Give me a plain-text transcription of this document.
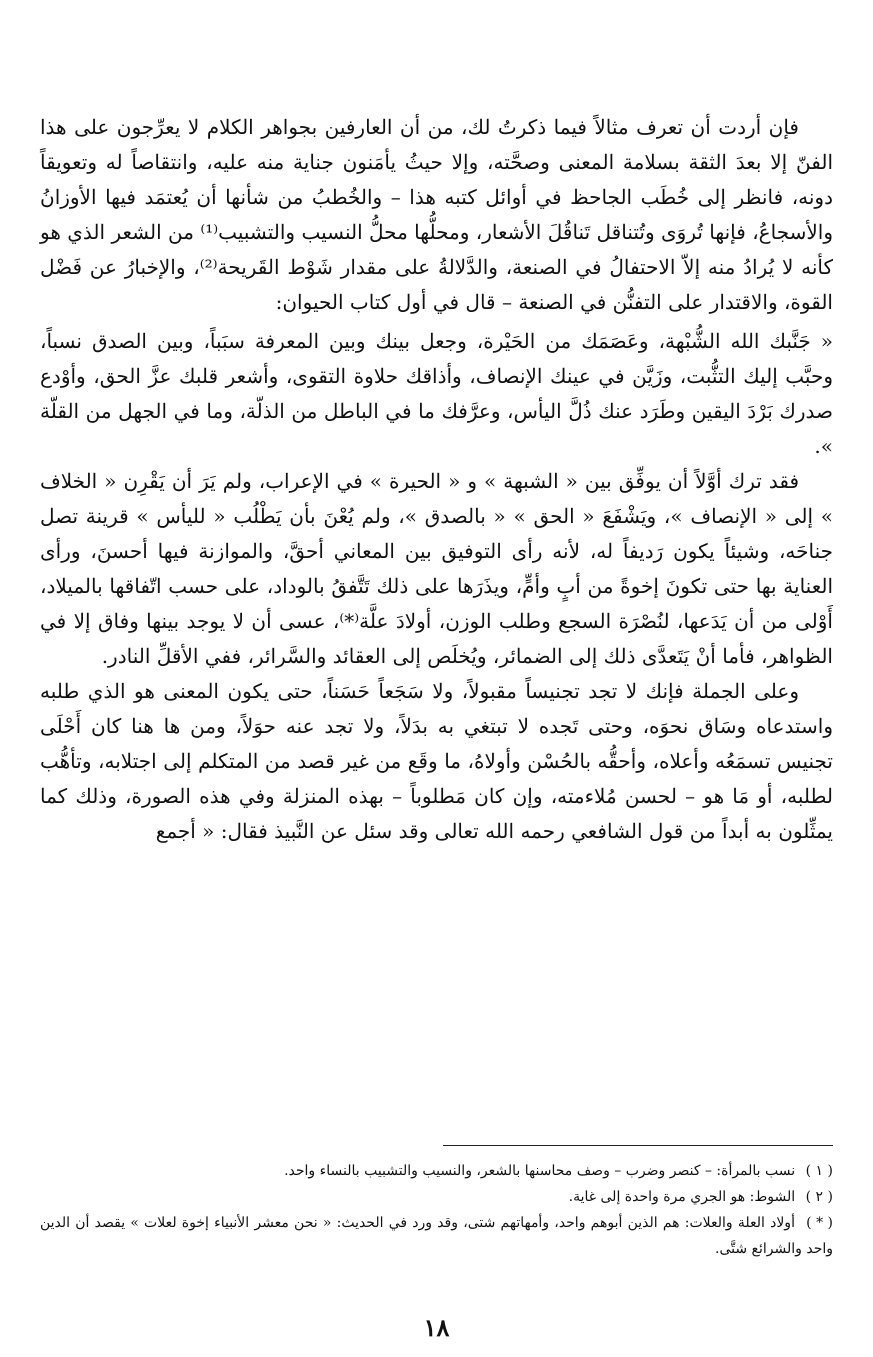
فإن أردت أن تعرف مثالاً فيما ذكرتُ لك، من أن العارفين بجواهر الكلام لا يعرِّجون على هذا الفنّ إلا بعدَ الثقة بسلامة المعنى وصحَّته، وإلا حيثُ يأمَنون جناية منه عليه، وانتقاصاً له وتعويقاً دونه، فانظر إلى خُطَب الجاحظ في أوائل كتبه هذا – والخُطبُ من شأنها أن يُعتمَد فيها الأوزانُ والأسجاعُ، فإنها تُروَى وتُتناقل تَناقُلَ الأشعار، ومحلُّها محلُّ النسيب والتشبيب⁽¹⁾ من الشعر الذي هو كأنه لا يُرادُ منه إلاّ الاحتفالُ في الصنعة، والدَّلالةُ على مقدار شَوْط القَريحة⁽²⁾، والإخبارُ عن فَضْل القوة، والاقتدار على التفنُّن في الصنعة – قال في أول كتاب الحيوان:

« جَنَّبك الله الشُّبْهة، وعَصَمَك من الحَيْرة، وجعل بينك وبين المعرفة سبَباً، وبين الصدق نسباً، وحبَّب إليك التثُّبت، وزَيَّن في عينك الإنصاف، وأذاقك حلاوة التقوى، وأشعر قلبك عزَّ الحق، وأوْدع صدرك بَرْدَ اليقين وطَرَد عنك ذُلَّ اليأس، وعرَّفك ما في الباطل من الذلّة، وما في الجهل من القلّة ».

فقد ترك أوَّلاً أن يوفِّق بين « الشبهة » و « الحيرة » في الإعراب، ولم يَرَ أن يَقْرِن « الخلاف » إلى « الإنصاف »، ويَشْفَعَ « الحق » « بالصدق »، ولم يُعْنَ بأن يَطْلُب « لليأس » قرينة تصل جناحَه، وشيئاً يكون رَديفاً له، لأنه رأى التوفيق بين المعاني أحقَّ، والموازنة فيها أحسنَ، ورأى العناية بها حتى تكونَ إخوةً من أبٍ وأمٍّ، ويذَرَها على ذلك تَتَّفقُ بالوداد، على حسب اتّفاقها بالميلاد، أَوْلى من أن يَدَعها، لنُصْرَة السجع وطلب الوزن، أولادَ علَّة⁽*⁾، عسى أن لا يوجد بينها وفاق إلا في الظواهر، فأما أنْ يَتَعدَّى ذلك إلى الضمائر، ويُخلَص إلى العقائد والسَّرائر، ففي الأقلِّ النادر.

وعلى الجملة فإنك لا تجد تجنيساً مقبولاً، ولا سَجَعاً حَسَناً، حتى يكون المعنى هو الذي طلبه واستدعاه وسَاق نحوَه، وحتى تَجده لا تبتغي به بدَلاً، ولا تجد عنه حوَلاً، ومن ها هنا كان أَحْلَى تجنيس تسمَعُه وأعلاه، وأحقُّه بالحُسْن وأولاهُ، ما وقَع من غير قصد من المتكلم إلى اجتلابه، وتأهُّب لطلبه، أو مَا هو – لحسن مُلاءمته، وإن كان مَطلوباً – بهذه المنزلة وفي هذه الصورة، وذلك كما يمثِّلون به أبداً من قول الشافعي رحمه الله تعالى وقد سئل عن النَّبيذ فقال: « أجمع

( ١ ) نسب بالمرأة: – كنصر وضرب – وصف محاسنها بالشعر، والنسيب والتشبيب بالنساء واحد.

( ٢ ) الشوط: هو الجري مرة واحدة إلى غاية.

( * ) أولاد العلة والعلات: هم الذين أبوهم واحد، وأمهاتهم شتى، وقد ورد في الحديث: « نحن معشر الأنبياء إخوة لعلات » يقصد أن الدين واحد والشرائع شتَّى.

١٨
